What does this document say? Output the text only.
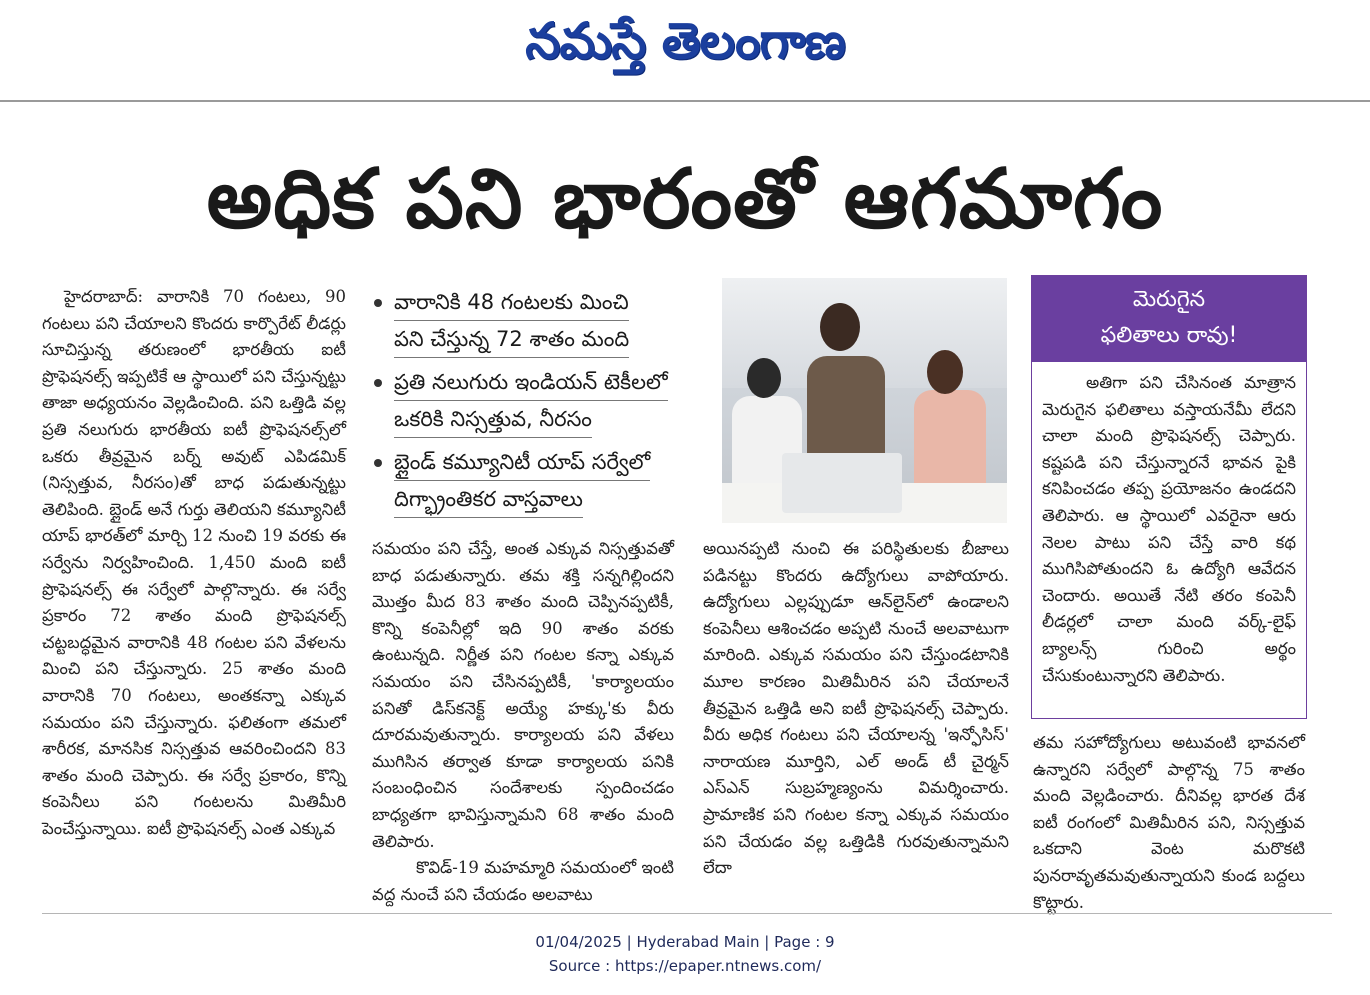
నమస్తే తెలంగాణ
అధిక పని భారంతో ఆగమాగం
హైదరాబాద్: వారానికి 70 గంటలు, 90 గంటలు పని చేయాలని కొందరు కార్పొరేట్ లీడర్లు సూచిస్తున్న తరుణంలో భారతీయ ఐటీ ప్రొఫెషనల్స్ ఇప్పటికే ఆ స్థాయిలో పని చేస్తున్నట్టు తాజా అధ్యయనం వెల్లడించింది. పని ఒత్తిడి వల్ల ప్రతి నలుగురు భారతీయ ఐటీ ప్రొఫెషనల్స్‌లో ఒకరు తీవ్రమైన బర్న్ అవుట్ ఎపిడమిక్ (నిస్సత్తువ, నీరసం)తో బాధ పడుతున్నట్టు తెలిపింది. బ్లైండ్ అనే గుర్తు తెలియని కమ్యూనిటీ యాప్ భారత్‌లో మార్చి 12 నుంచి 19 వరకు ఈ సర్వేను నిర్వహించింది. 1,450 మంది ఐటీ ప్రొఫెషనల్స్ ఈ సర్వేలో పాల్గొన్నారు. ఈ సర్వే ప్రకారం 72 శాతం మంది ప్రొఫెషనల్స్ చట్టబద్ధమైన వారానికి 48 గంటల పని వేళలను మించి పని చేస్తున్నారు. 25 శాతం మంది వారానికి 70 గంటలు, అంతకన్నా ఎక్కువ సమయం పని చేస్తున్నారు. ఫలితంగా తమలో శారీరక, మానసిక నిస్సత్తువ ఆవరించిందని 83 శాతం మంది చెప్పారు. ఈ సర్వే ప్రకారం, కొన్ని కంపెనీలు పని గంటలను మితిమీరి పెంచేస్తున్నాయి. ఐటీ ప్రొఫెషనల్స్ ఎంత ఎక్కువ
వారానికి 48 గంటలకు మించి
పని చేస్తున్న 72 శాతం మంది
ప్రతి నలుగురు ఇండియన్ టెకీలలో
ఒకరికి నిస్సత్తువ, నీరసం
బ్లైండ్ కమ్యూనిటీ యాప్ సర్వేలో
దిగ్భ్రాంతికర వాస్తవాలు

సమయం పని చేస్తే, అంత ఎక్కువ నిస్సత్తువతో బాధ పడుతున్నారు. తమ శక్తి సన్నగిల్లిందని మొత్తం మీద 83 శాతం మంది చెప్పినప్పటికీ, కొన్ని కంపెనీల్లో ఇది 90 శాతం వరకు ఉంటున్నది. నిర్ణీత పని గంటల కన్నా ఎక్కువ సమయం పని చేసినప్పటికీ, 'కార్యాలయం పనితో డిస్‌కనెక్ట్ అయ్యే హక్కు'కు వీరు దూరమవుతున్నారు. కార్యాలయ పని వేళలు ముగిసిన తర్వాత కూడా కార్యాలయ పనికి సంబంధించిన సందేశాలకు స్పందించడం బాధ్యతగా భావిస్తున్నామని 68 శాతం మంది తెలిపారు.

కొవిడ్-19 మహమ్మారి సమయంలో ఇంటి వద్ద నుంచే పని చేయడం అలవాటు

అయినప్పటి నుంచి ఈ పరిస్థితులకు బీజాలు పడినట్టు కొందరు ఉద్యోగులు వాపోయారు. ఉద్యోగులు ఎల్లప్పుడూ ఆన్‌లైన్‌లో ఉండాలని కంపెనీలు ఆశించడం అప్పటి నుంచే అలవాటుగా మారింది. ఎక్కువ సమయం పని చేస్తుండటానికి మూల కారణం మితిమీరిన పని చేయాలనే తీవ్రమైన ఒత్తిడి అని ఐటీ ప్రొఫెషనల్స్ చెప్పారు. వీరు అధిక గంటలు పని చేయాలన్న 'ఇన్ఫోసిస్' నారాయణ మూర్తిని, ఎల్ అండ్ టీ చైర్మన్ ఎస్ఎన్ సుబ్రహ్మణ్యంను విమర్శించారు. ప్రామాణిక పని గంటల కన్నా ఎక్కువ సమయం పని చేయడం వల్ల ఒత్తిడికి గురవుతున్నామని లేదా
మెరుగైన
ఫలితాలు రావు!
అతిగా పని చేసినంత మాత్రాన మెరుగైన ఫలితాలు వస్తాయనేమీ లేదని చాలా మంది ప్రొఫెషనల్స్ చెప్పారు. కష్టపడి పని చేస్తున్నారనే భావన పైకి కనిపించడం తప్ప ప్రయోజనం ఉండదని తెలిపారు. ఆ స్థాయిలో ఎవరైనా ఆరు నెలల పాటు పని చేస్తే వారి కథ ముగిసిపోతుందని ఓ ఉద్యోగి ఆవేదన చెందారు. అయితే నేటి తరం కంపెనీ లీడర్లలో చాలా మంది వర్క్-లైఫ్ బ్యాలన్స్ గురించి అర్థం చేసుకుంటున్నారని తెలిపారు.
తమ సహోద్యోగులు అటువంటి భావనలో ఉన్నారని సర్వేలో పాల్గొన్న 75 శాతం మంది వెల్లడించారు. దీనివల్ల భారత దేశ ఐటీ రంగంలో మితిమీరిన పని, నిస్సత్తువ ఒకదాని వెంట మరొకటి పునరావృతమవుతున్నాయని కుండ బద్దలు కొట్టారు.
01/04/2025 | Hyderabad Main | Page : 9
Source : https://epaper.ntnews.com/
